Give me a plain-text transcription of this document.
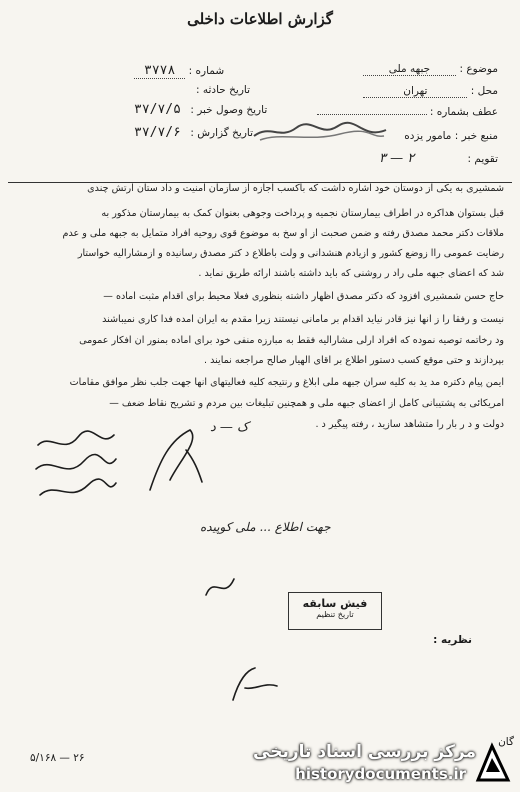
گزارش اطلاعات داخلی
موضوع : جبهه ملی
محل : تهران
عطف بشماره :
منبع خبر : مامور یزده
تقویم : ۲ — ۳
شماره : ۳۷۷۸
تاریخ حادثه :
تاریخ وصول خبر : ۳۷/۷/۵
تاریخ گزارش : ۳۷/۷/۶
شمشیری به یکی از دوستان خود اشاره داشت که باکسب اجازه از سازمان امنیت و داد ستان ارتش چندی
قبل بستوان هداکره در اطراف بیمارستان نجمیه و پرداخت وجوهی بعنوان کمک به بیمارستان مذکور به
ملاقات دکتر محمد مصدق رفته و ضمن صحبت از او سخ به موضوع قوی روحیه افراد متمایل به جبهه ملی و عدم
رضایت عمومی راا زوضع کشور و ازیادم هنشدانی و ولت باطلاع د کتر مصدق رسانیده و ازمشارالیه خواستار
شد که اعضای جبهه ملی راد ر روشنی که باید داشته باشند ارائه طریق نماید .
حاج حسن شمشیری افزود که دکتر مصدق اظهار داشته بنظوری فعلا محیط برای اقدام مثبت آماده —
نیست و رفقا را ز آنها نیز قادر نیاید اقدام بر مامانی نیستند زیرا مقدم به ایران آمده فدا کاری نمیباشند
ود رخاتمه توصیه نموده که افراد ارلی مشارالیه فقط به مبارزه منفی خود برای آماده بمنور ان افکار عمومی
بپردازند و حتی موقع کسب دستور اطلاع بر آقای الهیار صالح مراجعه نمایند .
ایمن پیام دکتره مد ید به کلیه سران جبهه ملی ابلاغ و رنتیجه کلیه فعالیتهای آنها جهت جلب نظر موافق مقامات
آمریکائی به پشتیبانی کامل از اعضای جبهه ملی و همچنین تبلیغات بین مردم و تشریح نقاط ضعف —
دولت و د ر بار را متشاهد سازید ، رفته پیگیر د .
ک — د
جهت اطلاع ... ملی کوپیده
فیش سابقه
تاریخ تنظیم
نظریه :
۵/۱۶۸ — ۲۶
گان
مرکز بررسی اسناد تاریخی
historydocuments.ir
